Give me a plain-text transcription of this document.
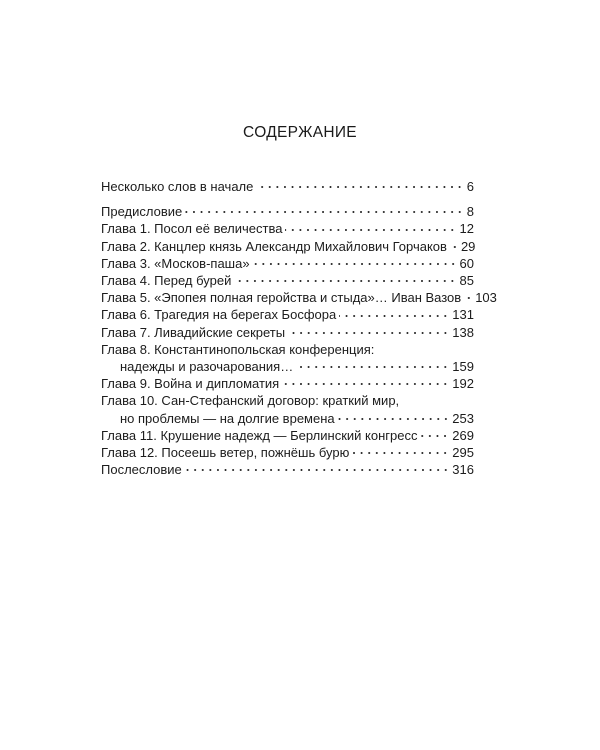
СОДЕРЖАНИЕ
Несколько слов в начале	6
Предисловие	8
Глава 1. Посол её величества	12
Глава 2. Канцлер князь Александр Михайлович Горчаков 29
Глава 3. «Москов-паша»	60
Глава 4. Перед бурей	85
Глава 5. «Эпопея полная геройства и стыда»… Иван Вазов 103
Глава 6. Трагедия на берегах Босфора	131
Глава 7. Ливадийские секреты	138
Глава 8. Константинопольская конференция:
надежды и разочарования…	159
Глава 9. Война и дипломатия	192
Глава 10. Сан-Стефанский договор: краткий мир,
но проблемы — на долгие времена	253
Глава 11. Крушение надежд — Берлинский конгресс	269
Глава 12. Посеешь ветер, пожнёшь бурю	295
Послесловие	316
